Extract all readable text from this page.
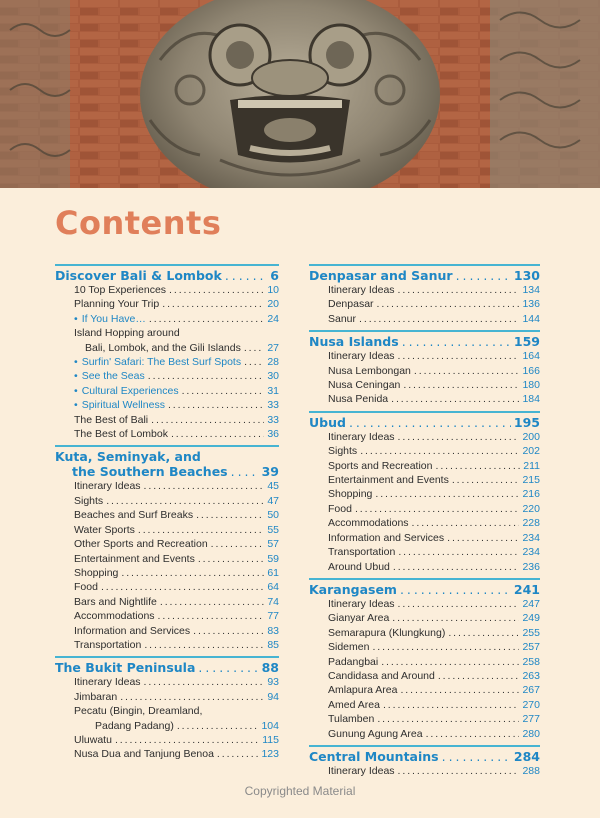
Contents
Discover Bali & Lombok . . .	6
10 Top Experiences . . .	10
Planning Your Trip . . .	20
• If You Have… . . .	24
Island Hopping around
Bali, Lombok, and the Gili Islands . . .	27
• Surfin' Safari: The Best Surf Spots . . . 28
• See the Seas . . .	30
• Cultural Experiences . . .	31
• Spiritual Wellness . . .	33
The Best of Bali . . .	33
The Best of Lombok . . .	36
Kuta, Seminyak, and
the Southern Beaches . . .	39
Itinerary Ideas . . .	45
Sights . . .	47
Beaches and Surf Breaks . . .	50
Water Sports . . .	55
Other Sports and Recreation . . .	57
Entertainment and Events . . .	59
Shopping . . .	61
Food . . .	64
Bars and Nightlife . . .	74
Accommodations . . .	77
Information and Services . . .	83
Transportation . . .	85
The Bukit Peninsula . . .	88
Itinerary Ideas . . .	93
Jimbaran . . .	94
Pecatu (Bingin, Dreamland,
Padang Padang) . . .	104
Uluwatu . . .	115
Nusa Dua and Tanjung Benoa . . .	123
Denpasar and Sanur . . .	130
Itinerary Ideas . . .	134
Denpasar . . .	136
Sanur . . .	144
Nusa Islands . . .	159
Itinerary Ideas . . .	164
Nusa Lembongan . . .	166
Nusa Ceningan . . .	180
Nusa Penida . . .	184
Ubud . . .	195
Itinerary Ideas . . .	200
Sights . . .	202
Sports and Recreation . . .	211
Entertainment and Events . . .	215
Shopping . . .	216
Food . . .	220
Accommodations . . .	228
Information and Services . . .	234
Transportation . . .	234
Around Ubud . . .	236
Karangasem . . .	241
Itinerary Ideas . . .	247
Gianyar Area . . .	249
Semarapura (Klungkung) . . .	255
Sidemen . . .	257
Padangbai . . .	258
Candidasa and Around . . .	263
Amlapura Area . . .	267
Amed Area . . .	270
Tulamben . . .	277
Gunung Agung Area . . .	280
Central Mountains . . .	284
Itinerary Ideas . . .	288
Copyrighted Material
